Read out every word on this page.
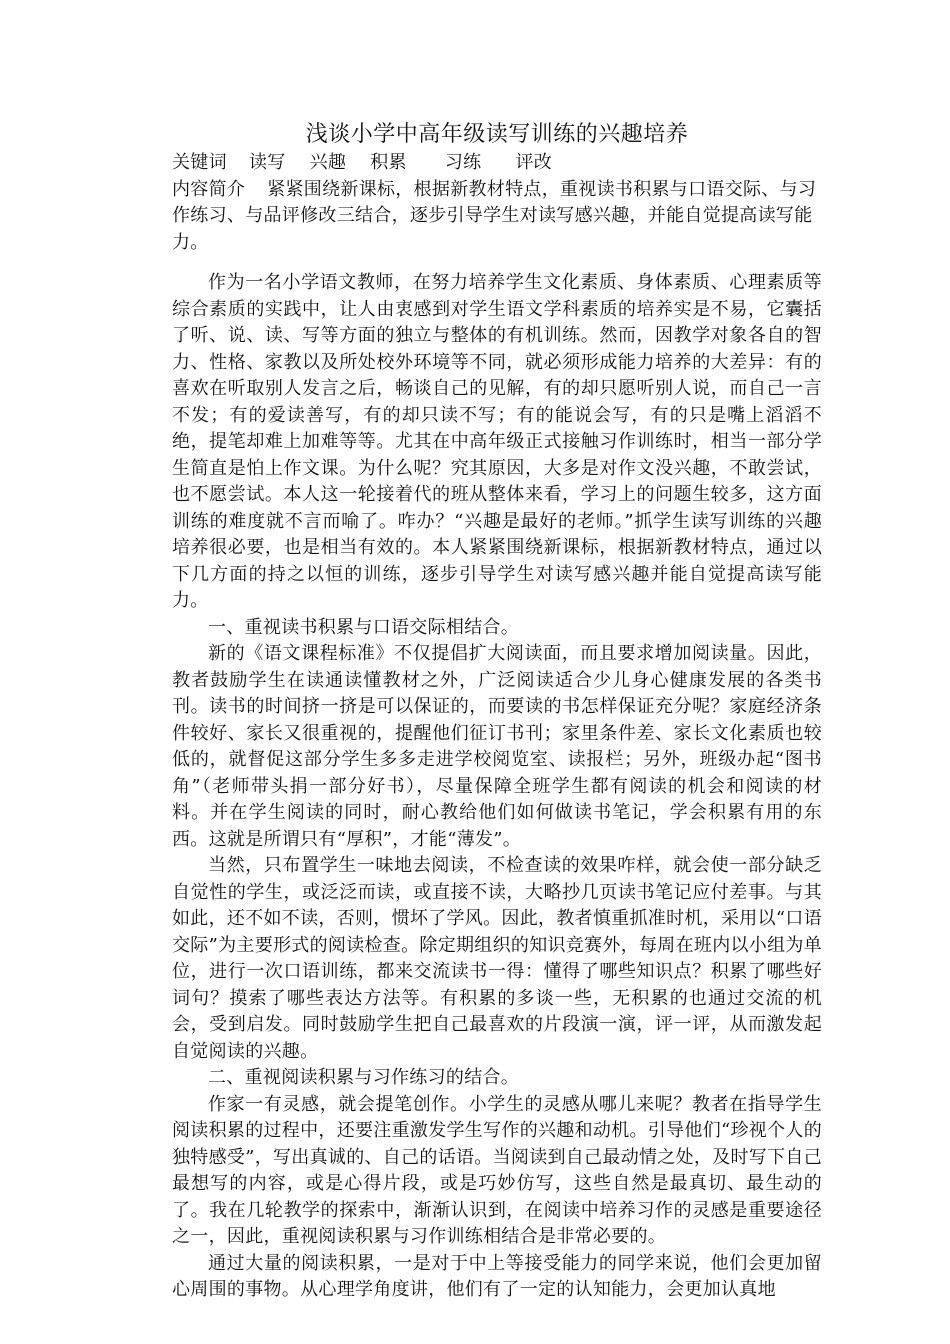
浅谈小学中高年级读写训练的兴趣培养

关键词 读写 兴趣 积累 习练 评改

内容简介 紧紧围绕新课标，根据新教材特点，重视读书积累与口语交际、与习作练习、与品评修改三结合，逐步引导学生对读写感兴趣，并能自觉提高读写能力。

作为一名小学语文教师，在努力培养学生文化素质、身体素质、心理素质等综合素质的实践中，让人由衷感到对学生语文学科素质的培养实是不易，它囊括了听、说、读、写等方面的独立与整体的有机训练。然而，因教学对象各自的智力、性格、家教以及所处校外环境等不同，就必须形成能力培养的大差异：有的喜欢在听取别人发言之后，畅谈自己的见解，有的却只愿听别人说，而自己一言不发；有的爱读善写，有的却只读不写；有的能说会写，有的只是嘴上滔滔不绝，提笔却难上加难等等。尤其在中高年级正式接触习作训练时，相当一部分学生简直是怕上作文课。为什么呢？究其原因，大多是对作文没兴趣，不敢尝试，也不愿尝试。本人这一轮接着代的班从整体来看，学习上的问题生较多，这方面训练的难度就不言而喻了。咋办？“兴趣是最好的老师。”抓学生读写训练的兴趣培养很必要，也是相当有效的。本人紧紧围绕新课标，根据新教材特点，通过以下几方面的持之以恒的训练，逐步引导学生对读写感兴趣并能自觉提高读写能力。

一、重视读书积累与口语交际相结合。

新的《语文课程标准》不仅提倡扩大阅读面，而且要求增加阅读量。因此，教者鼓励学生在读通读懂教材之外，广泛阅读适合少儿身心健康发展的各类书刊。读书的时间挤一挤是可以保证的，而要读的书怎样保证充分呢？家庭经济条件较好、家长又很重视的，提醒他们征订书刊；家里条件差、家长文化素质也较低的，就督促这部分学生多多走进学校阅览室、读报栏；另外，班级办起“图书角”（老师带头捐一部分好书），尽量保障全班学生都有阅读的机会和阅读的材料。并在学生阅读的同时，耐心教给他们如何做读书笔记，学会积累有用的东西。这就是所谓只有“厚积”，才能“薄发”。

当然，只布置学生一味地去阅读，不检查读的效果咋样，就会使一部分缺乏自觉性的学生，或泛泛而读，或直接不读，大略抄几页读书笔记应付差事。与其如此，还不如不读，否则，惯坏了学风。因此，教者慎重抓准时机，采用以“口语交际”为主要形式的阅读检查。除定期组织的知识竞赛外，每周在班内以小组为单位，进行一次口语训练，都来交流读书一得：懂得了哪些知识点？积累了哪些好词句？摸索了哪些表达方法等。有积累的多谈一些，无积累的也通过交流的机会，受到启发。同时鼓励学生把自己最喜欢的片段演一演，评一评，从而激发起自觉阅读的兴趣。

二、重视阅读积累与习作练习的结合。

作家一有灵感，就会提笔创作。小学生的灵感从哪儿来呢？教者在指导学生阅读积累的过程中，还要注重激发学生写作的兴趣和动机。引导他们“珍视个人的独特感受”，写出真诚的、自己的话语。当阅读到自己最动情之处，及时写下自己最想写的内容，或是心得片段，或是巧妙仿写，这些自然是最真切、最生动的了。我在几轮教学的探索中，渐渐认识到，在阅读中培养习作的灵感是重要途径之一，因此，重视阅读积累与习作训练相结合是非常必要的。

通过大量的阅读积累，一是对于中上等接受能力的同学来说，他们会更加留心周围的事物。从心理学角度讲，他们有了一定的认知能力，会更加认真地
